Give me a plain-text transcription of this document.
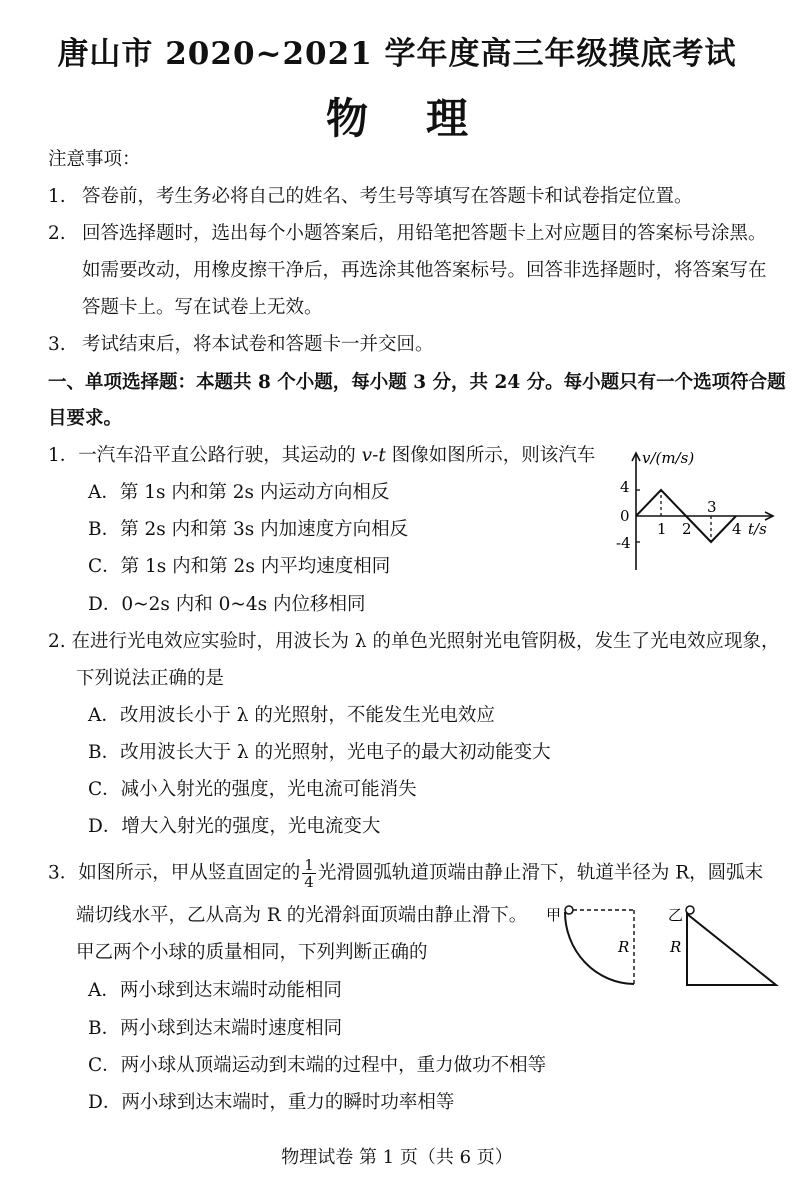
唐山市 2020~2021 学年度高三年级摸底考试
物理
注意事项：
1. 答卷前，考生务必将自己的姓名、考生号等填写在答题卡和试卷指定位置。
2. 回答选择题时，选出每个小题答案后，用铅笔把答题卡上对应题目的答案标号涂黑。
如需要改动，用橡皮擦干净后，再选涂其他答案标号。回答非选择题时，将答案写在
答题卡上。写在试卷上无效。
3. 考试结束后，将本试卷和答题卡一并交回。
一、单项选择题：本题共 8 个小题，每小题 3 分，共 24 分。每小题只有一个选项符合题
目要求。
1．一汽车沿平直公路行驶，其运动的 v-t 图像如图所示，则该汽车
A．第 1s 内和第 2s 内运动方向相反
B．第 2s 内和第 3s 内加速度方向相反
C．第 1s 内和第 2s 内平均速度相同
D．0~2s 内和 0~4s 内位移相同
v/(m/s)
t/s
4
0
-4
1 2
3
4
2. 在进行光电效应实验时，用波长为 λ 的单色光照射光电管阴极，发生了光电效应现象，
下列说法正确的是
A．改用波长小于 λ 的光照射，不能发生光电效应
B．改用波长大于 λ 的光照射，光电子的最大初动能变大
C．减小入射光的强度，光电流可能消失
D．增大入射光的强度，光电流变大
3．如图所示，甲从竖直固定的 $\frac{1}{4}$ 光滑圆弧轨道顶端由静止滑下，轨道半径为 R，圆弧末
端切线水平，乙从高为 R 的光滑斜面顶端由静止滑下。
甲乙两个小球的质量相同，下列判断正确的
A．两小球到达末端时动能相同
B．两小球到达末端时速度相同
C．两小球从顶端运动到末端的过程中，重力做功不相等
D．两小球到达末端时，重力的瞬时功率相等
甲
R
乙
R
物理试卷 第 1 页（共 6 页）
